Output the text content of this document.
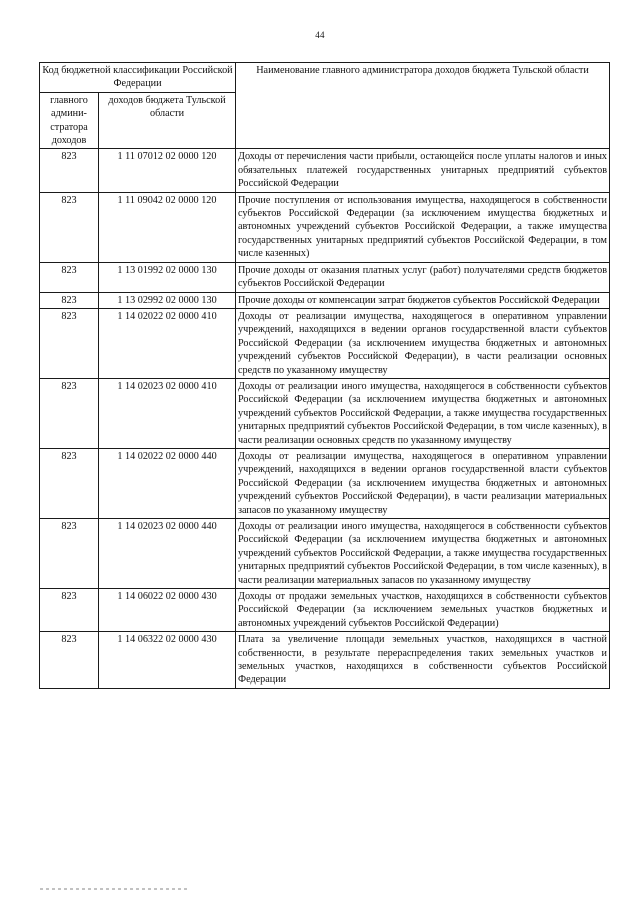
44
Код бюджетной классификации Российской Федерации		Наименование главного администратора доходов бюджета Тульской области
главного админи-стратора доходов	доходов бюджета Тульской области	
823	1 11 07012 02 0000 120	Доходы от перечисления части прибыли, остающейся после уплаты налогов и иных обязательных платежей государственных унитарных предприятий субъектов Российской Федерации
823	1 11 09042 02 0000 120	Прочие поступления от использования имущества, находящегося в собственности субъектов Российской Федерации (за исключением имущества бюджетных и автономных учреждений субъектов Российской Федерации, а также имущества государственных унитарных предприятий субъектов Российской Федерации, в том числе казенных)
823	1 13 01992 02 0000 130	Прочие доходы от оказания платных услуг (работ) получателями средств бюджетов субъектов Российской Федерации
823	1 13 02992 02 0000 130	Прочие доходы от компенсации затрат бюджетов субъектов Российской Федерации
823	1 14 02022 02 0000 410	Доходы от реализации имущества, находящегося в оперативном управлении учреждений, находящихся в ведении органов государственной власти субъектов Российской Федерации (за исключением имущества бюджетных и автономных учреждений субъектов Российской Федерации), в части реализации основных средств по указанному имуществу
823	1 14 02023 02 0000 410	Доходы от реализации иного имущества, находящегося в собственности субъектов Российской Федерации (за исключением имущества бюджетных и автономных учреждений субъектов Российской Федерации, а также имущества государственных унитарных предприятий субъектов Российской Федерации, в том числе казенных), в части реализации основных средств по указанному имуществу
823	1 14 02022 02 0000 440	Доходы от реализации имущества, находящегося в оперативном управлении учреждений, находящихся в ведении органов государственной власти субъектов Российской Федерации (за исключением имущества бюджетных и автономных учреждений субъектов Российской Федерации), в части реализации материальных запасов по указанному имуществу
823	1 14 02023 02 0000 440	Доходы от реализации иного имущества, находящегося в собственности субъектов Российской Федерации (за исключением имущества бюджетных и автономных учреждений субъектов Российской Федерации, а также имущества государственных унитарных предприятий субъектов Российской Федерации, в том числе казенных), в части реализации материальных запасов по указанному имуществу
823	1 14 06022 02 0000 430	Доходы от продажи земельных участков, находящихся в собственности субъектов Российской Федерации (за исключением земельных участков бюджетных и автономных учреждений субъектов Российской Федерации)
823	1 14 06322 02 0000 430	Плата за увеличение площади земельных участков, находящихся в частной собственности, в результате перераспределения таких земельных участков и земельных участков, находящихся в собственности субъектов Российской Федерации
